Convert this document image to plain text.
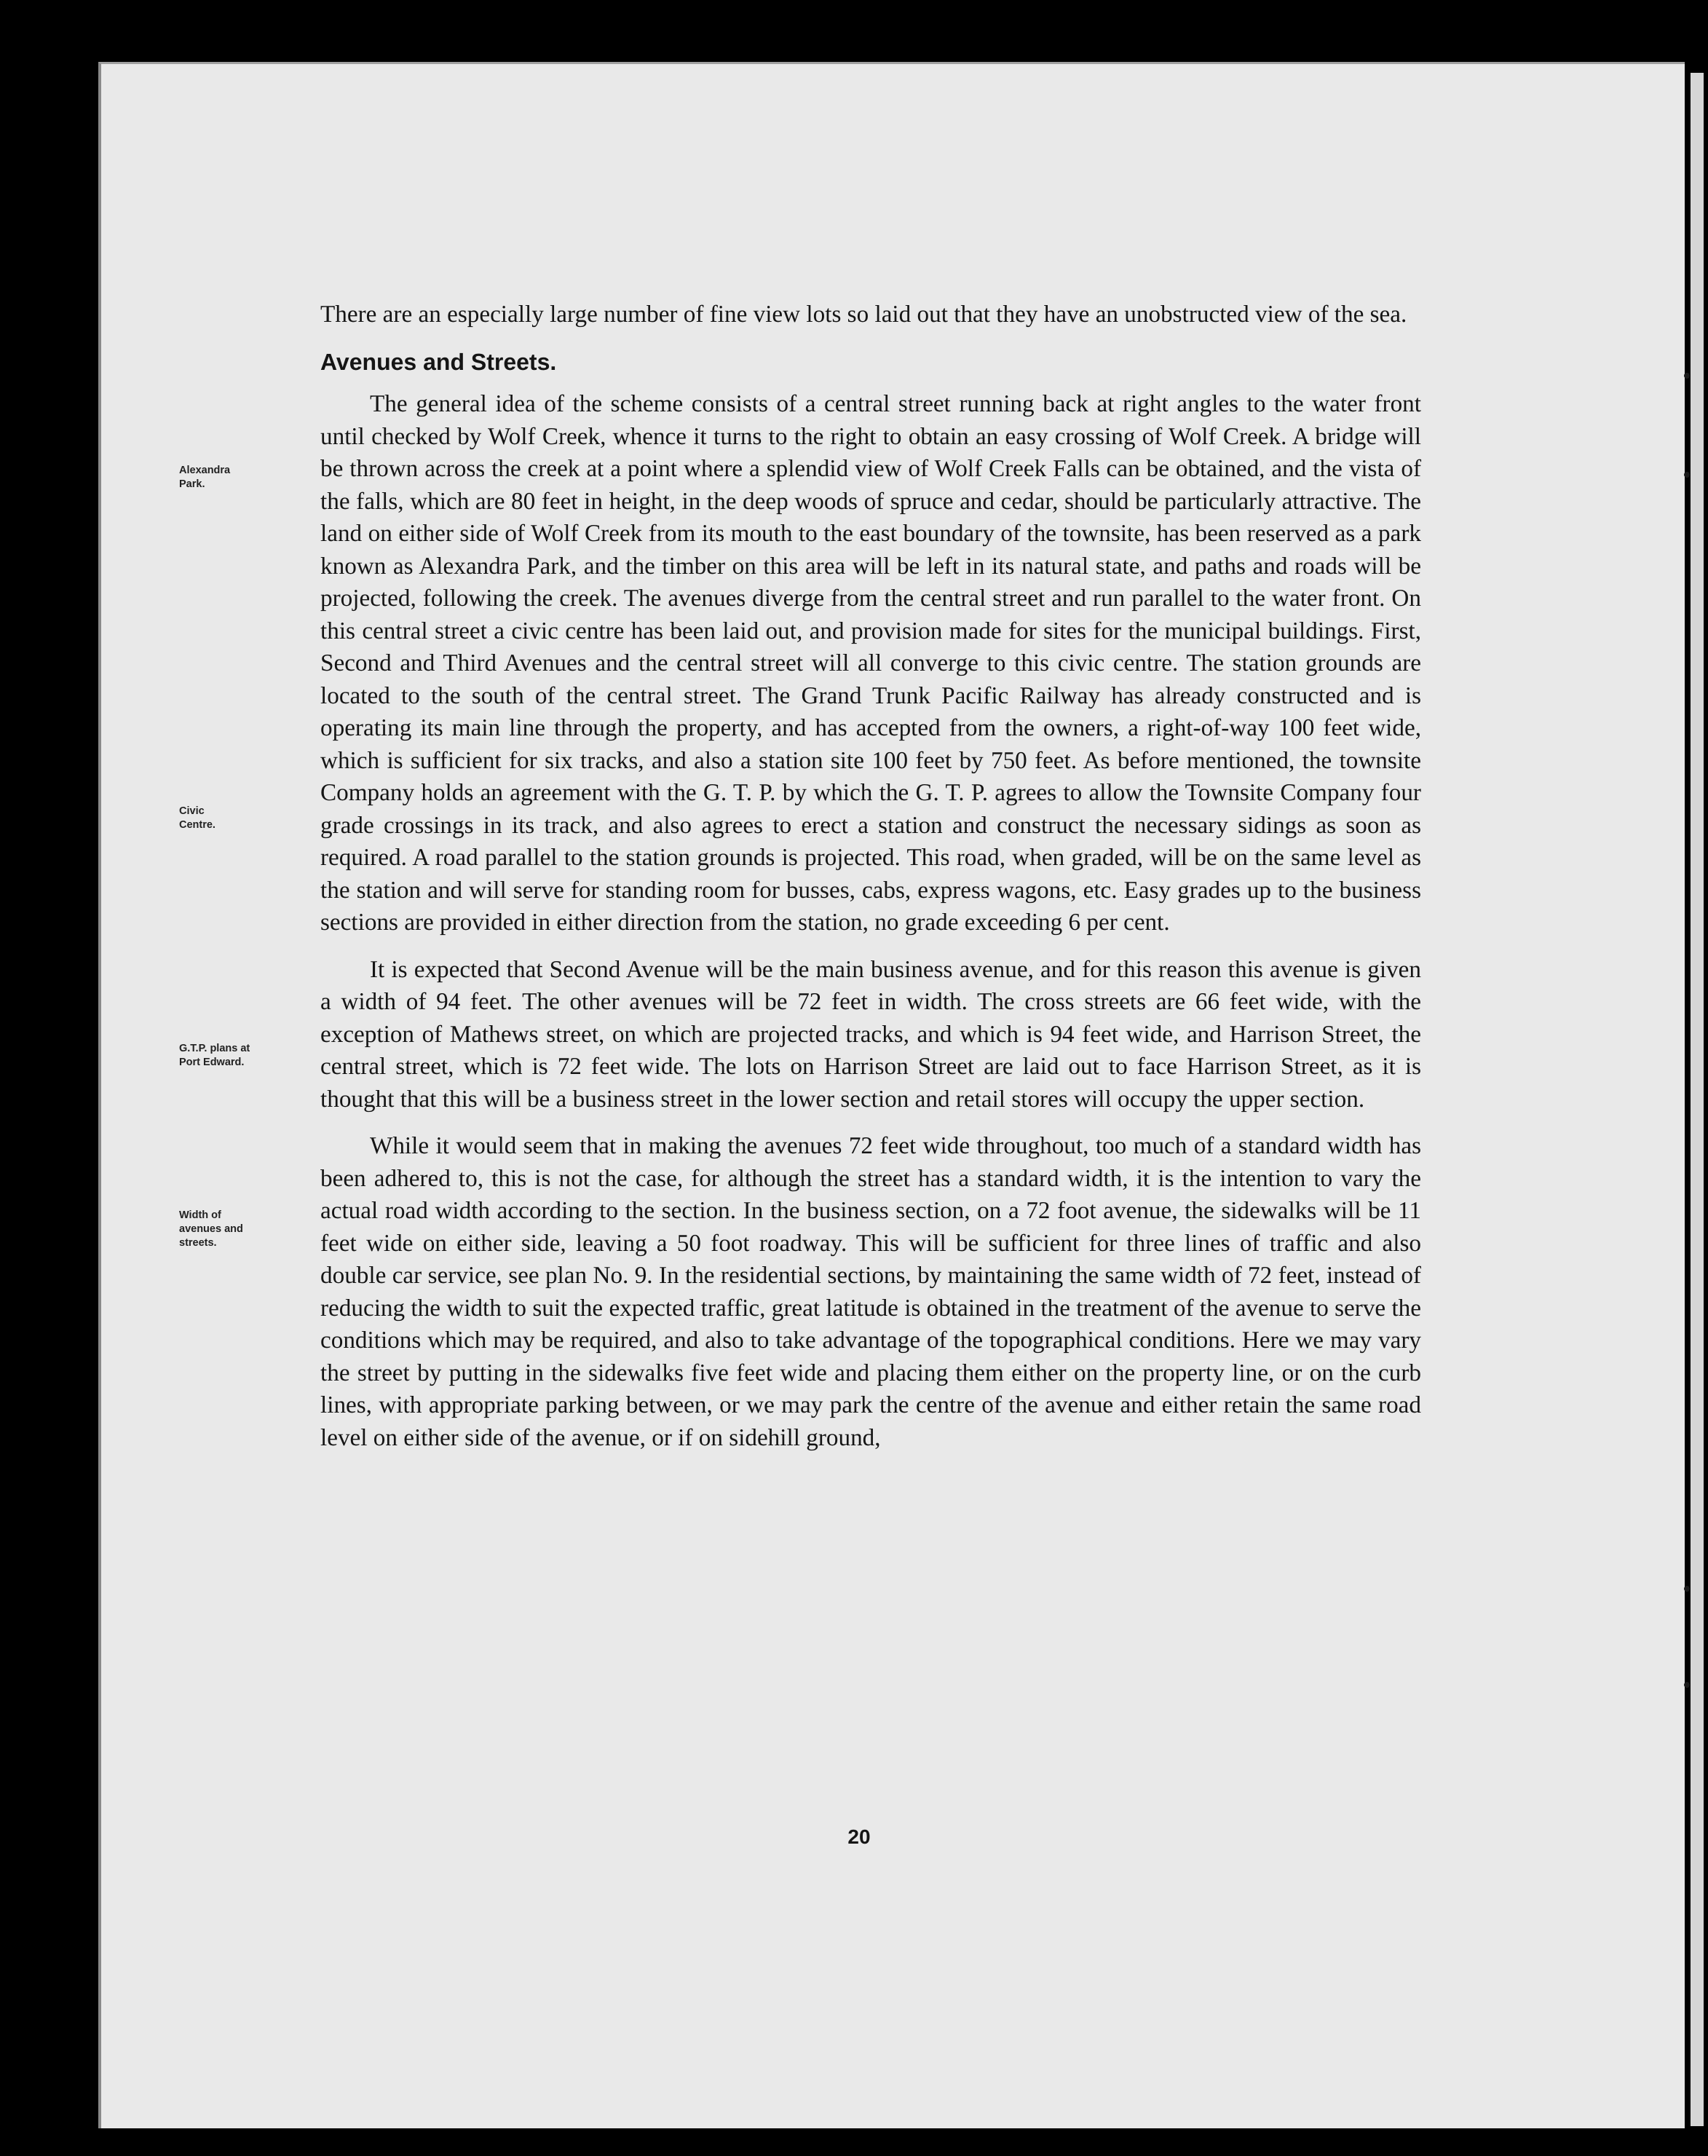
Alexandra
Park.
Civic
Centre.
G.T.P. plans at
Port Edward.
Width of
avenues and
streets.

There are an especially large number of fine view lots so laid out that they have an unobstructed view of the sea.

Avenues and Streets.

The general idea of the scheme consists of a central street running back at right angles to the water front until checked by Wolf Creek, whence it turns to the right to obtain an easy crossing of Wolf Creek. A bridge will be thrown across the creek at a point where a splendid view of Wolf Creek Falls can be obtained, and the vista of the falls, which are 80 feet in height, in the deep woods of spruce and cedar, should be particularly attractive. The land on either side of Wolf Creek from its mouth to the east boundary of the townsite, has been reserved as a park known as Alexandra Park, and the timber on this area will be left in its natural state, and paths and roads will be projected, following the creek. The avenues diverge from the central street and run parallel to the water front. On this central street a civic centre has been laid out, and provision made for sites for the municipal buildings. First, Second and Third Avenues and the central street will all converge to this civic centre. The station grounds are located to the south of the central street. The Grand Trunk Pacific Railway has already constructed and is operating its main line through the property, and has accepted from the owners, a right-of-way 100 feet wide, which is sufficient for six tracks, and also a station site 100 feet by 750 feet. As before mentioned, the townsite Company holds an agreement with the G. T. P. by which the G. T. P. agrees to allow the Townsite Company four grade crossings in its track, and also agrees to erect a station and construct the necessary sidings as soon as required. A road parallel to the station grounds is projected. This road, when graded, will be on the same level as the station and will serve for standing room for busses, cabs, express wagons, etc. Easy grades up to the business sections are provided in either direction from the station, no grade exceeding 6 per cent.

It is expected that Second Avenue will be the main business avenue, and for this reason this avenue is given a width of 94 feet. The other avenues will be 72 feet in width. The cross streets are 66 feet wide, with the exception of Mathews street, on which are projected tracks, and which is 94 feet wide, and Harrison Street, the central street, which is 72 feet wide. The lots on Harrison Street are laid out to face Harrison Street, as it is thought that this will be a business street in the lower section and retail stores will occupy the upper section.

While it would seem that in making the avenues 72 feet wide throughout, too much of a standard width has been adhered to, this is not the case, for although the street has a standard width, it is the intention to vary the actual road width according to the section. In the business section, on a 72 foot avenue, the sidewalks will be 11 feet wide on either side, leaving a 50 foot roadway. This will be sufficient for three lines of traffic and also double car service, see plan No. 9. In the residential sections, by maintaining the same width of 72 feet, instead of reducing the width to suit the expected traffic, great latitude is obtained in the treatment of the avenue to serve the conditions which may be required, and also to take advantage of the topographical conditions. Here we may vary the street by putting in the sidewalks five feet wide and placing them either on the property line, or on the curb lines, with appropriate parking between, or we may park the centre of the avenue and either retain the same road level on either side of the avenue, or if on sidehill ground,

20
